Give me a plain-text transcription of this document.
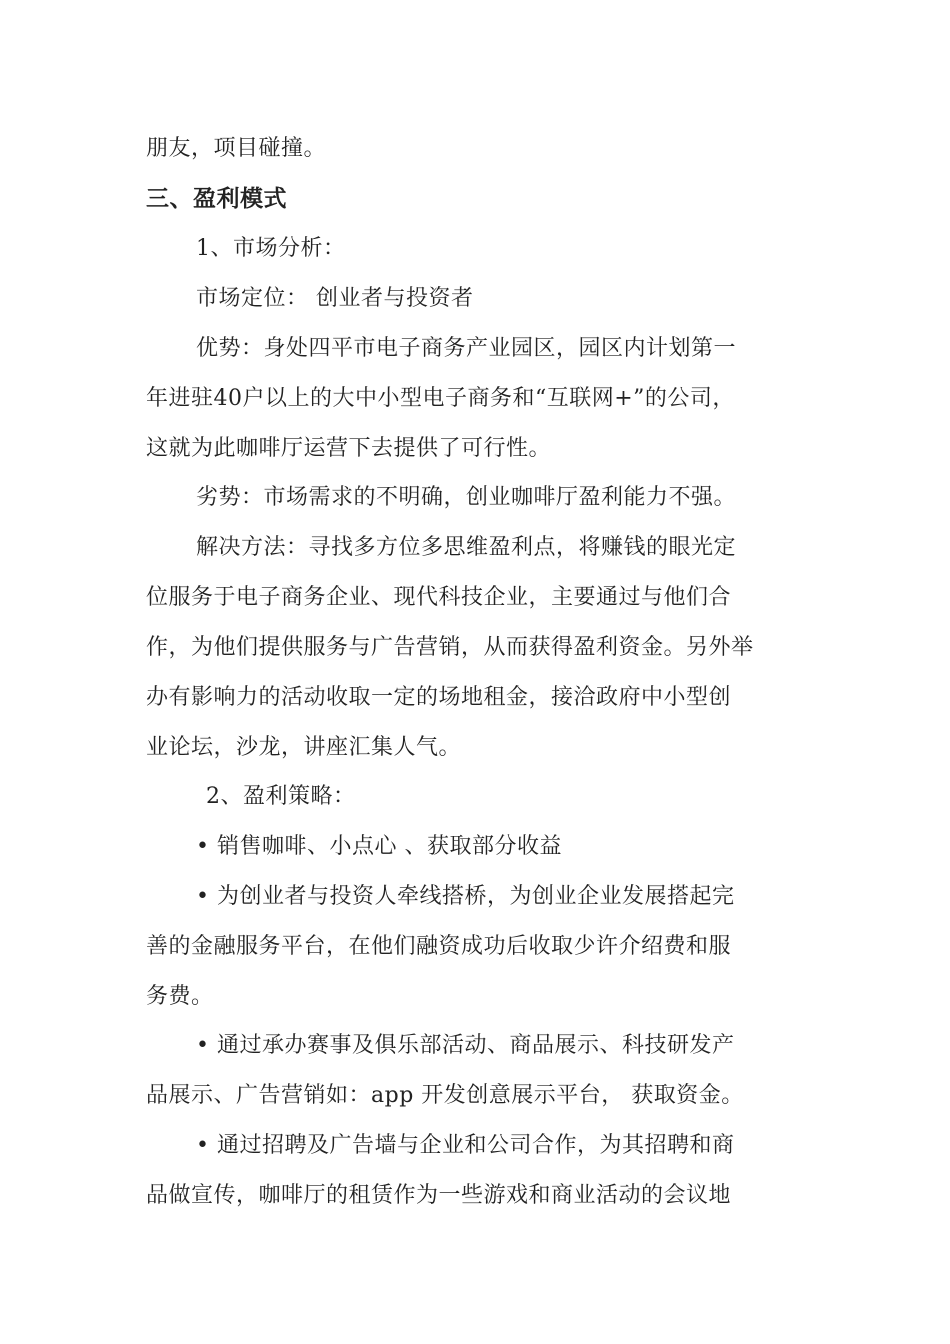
朋友，项目碰撞。
三、盈利模式
1、市场分析：
市场定位： 创业者与投资者
优势：身处四平市电子商务产业园区，园区内计划第一
年进驻40户以上的大中小型电子商务和“互联网+”的公司，
这就为此咖啡厅运营下去提供了可行性。
劣势：市场需求的不明确，创业咖啡厅盈利能力不强。
解决方法：寻找多方位多思维盈利点，将赚钱的眼光定
位服务于电子商务企业、现代科技企业，主要通过与他们合
作，为他们提供服务与广告营销，从而获得盈利资金。另外举
办有影响力的活动收取一定的场地租金，接洽政府中小型创
业论坛，沙龙，讲座汇集人气。
2、盈利策略：
• 销售咖啡、小点心 、获取部分收益
• 为创业者与投资人牵线搭桥，为创业企业发展搭起完
善的金融服务平台，在他们融资成功后收取少许介绍费和服
务费。
• 通过承办赛事及俱乐部活动、商品展示、科技研发产
品展示、广告营销如：app 开发创意展示平台， 获取资金。
• 通过招聘及广告墙与企业和公司合作，为其招聘和商
品做宣传，咖啡厅的租赁作为一些游戏和商业活动的会议地
